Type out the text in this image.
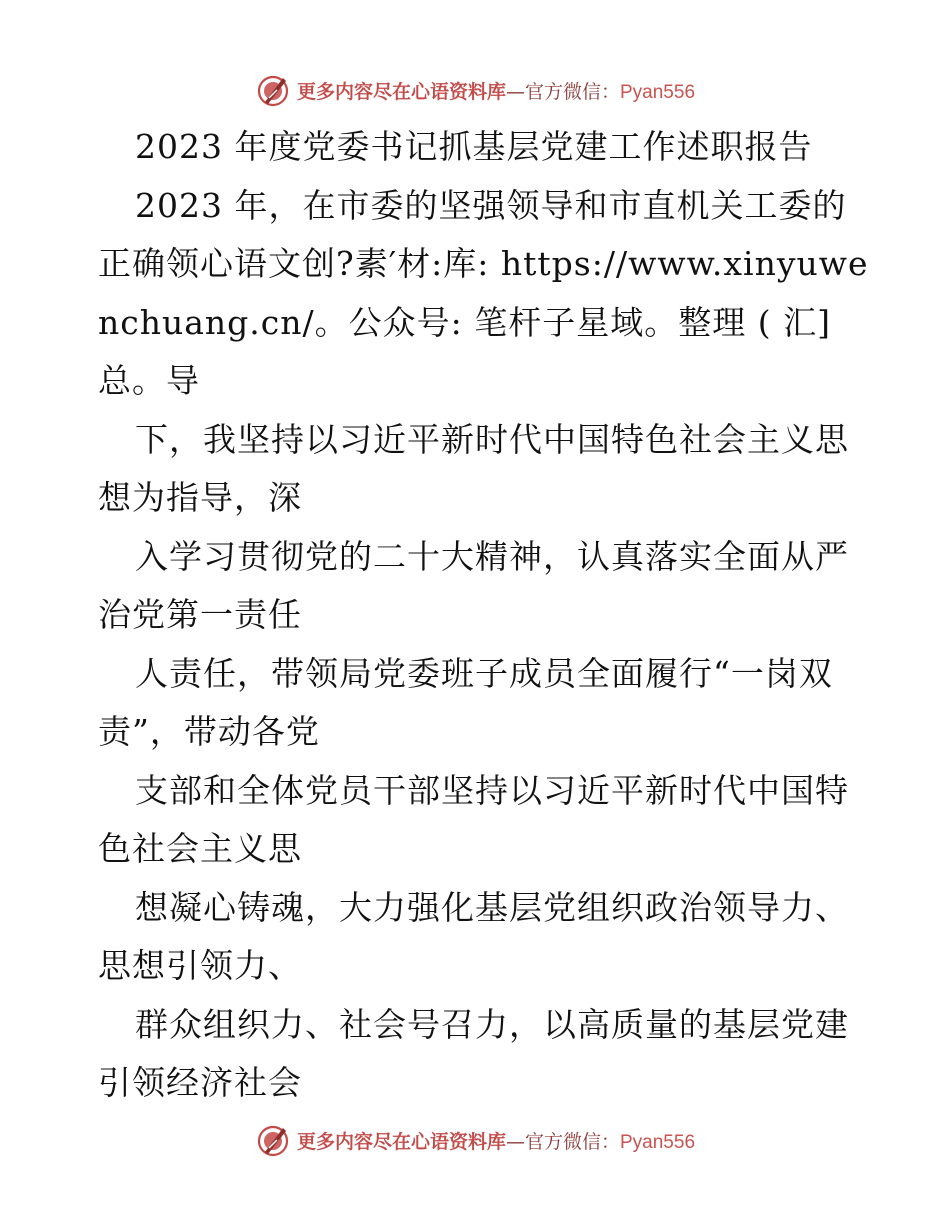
更多内容尽在心语资料库—官方微信：Pyan556
2023 年度党委书记抓基层党建工作述职报告
2023 年，在市委的坚强领导和市直机关工委的
正确领心语文创?素′材:库: https://www.xinyuwe
nchuang.cn/。公众号: 笔杆子星域。整理 ( 汇]
总。导
下，我坚持以习近平新时代中国特色社会主义思
想为指导，深
入学习贯彻党的二十大精神，认真落实全面从严
治党第一责任
人责任，带领局党委班子成员全面履行“一岗双
责”，带动各党
支部和全体党员干部坚持以习近平新时代中国特
色社会主义思
想凝心铸魂，大力强化基层党组织政治领导力、
思想引领力、
群众组织力、社会号召力，以高质量的基层党建
引领经济社会
更多内容尽在心语资料库—官方微信：Pyan556
